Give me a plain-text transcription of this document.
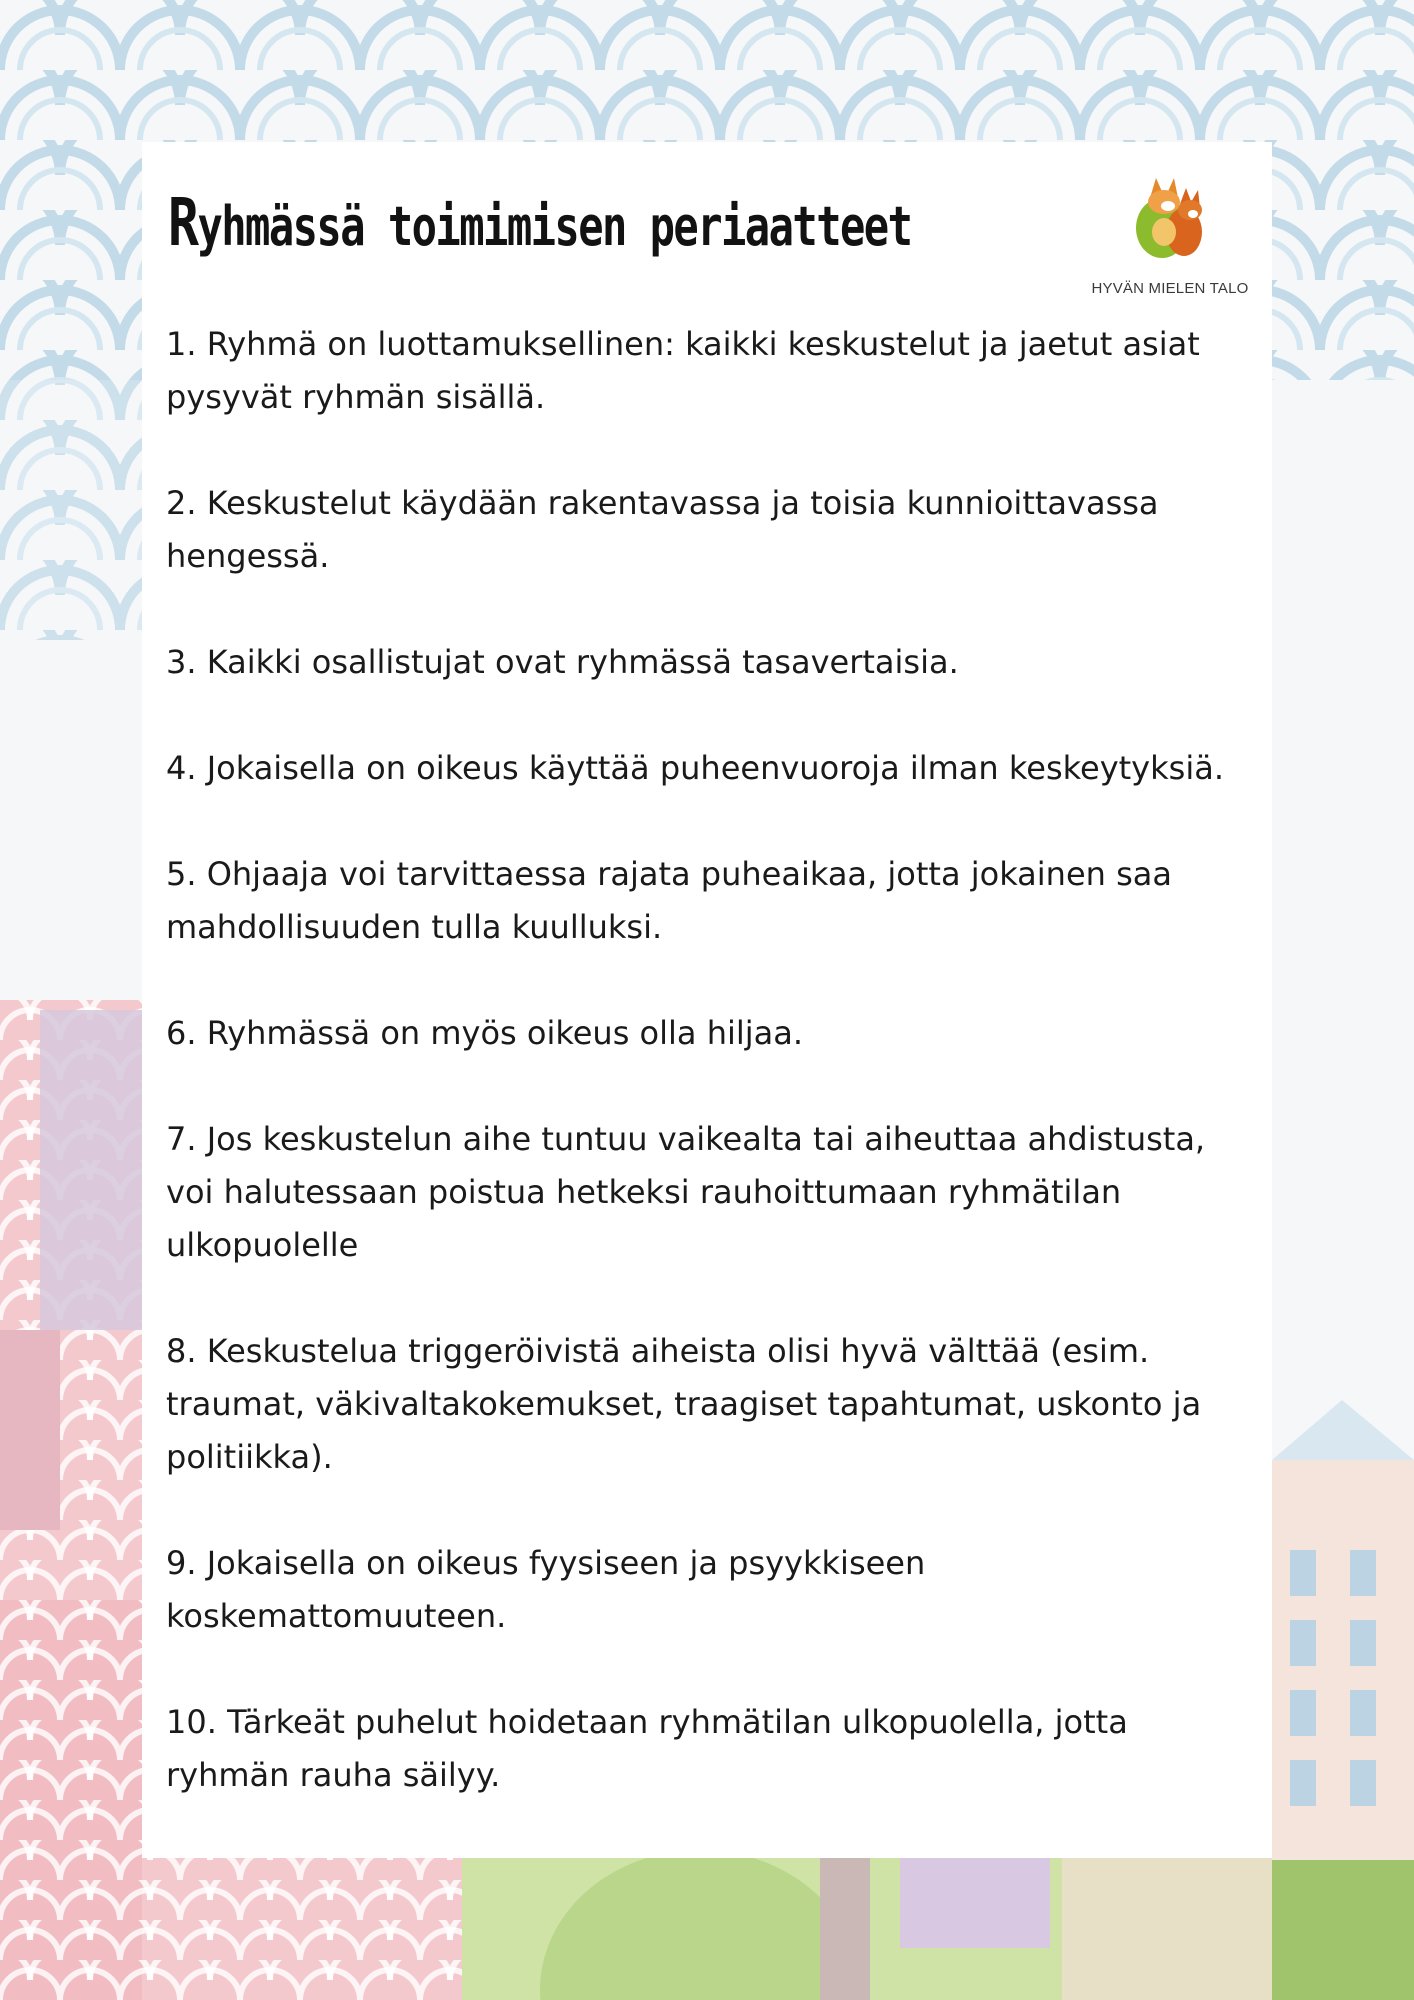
Ryhmässä toimimisen periaatteet
HYVÄN MIELEN TALO
1. Ryhmä on luottamuksellinen: kaikki keskustelut ja jaetut asiat pysyvät ryhmän sisällä.
2. Keskustelut käydään rakentavassa ja toisia kunnioittavassa hengessä.
3. Kaikki osallistujat ovat ryhmässä tasavertaisia.
4. Jokaisella on oikeus käyttää puheenvuoroja ilman keskeytyksiä.
5. Ohjaaja voi tarvittaessa rajata puheaikaa, jotta jokainen saa mahdollisuuden tulla kuulluksi.
6. Ryhmässä on myös oikeus olla hiljaa.
7. Jos keskustelun aihe tuntuu vaikealta tai aiheuttaa ahdistusta, voi halutessaan poistua hetkeksi rauhoittumaan ryhmätilan ulkopuolelle
8. Keskustelua triggeröivistä aiheista olisi hyvä välttää (esim. traumat, väkivaltakokemukset, traagiset tapahtumat, uskonto ja politiikka).
9. Jokaisella on oikeus fyysiseen ja psyykkiseen koskemattomuuteen.
10. Tärkeät puhelut hoidetaan ryhmätilan ulkopuolella, jotta ryhmän rauha säilyy.
